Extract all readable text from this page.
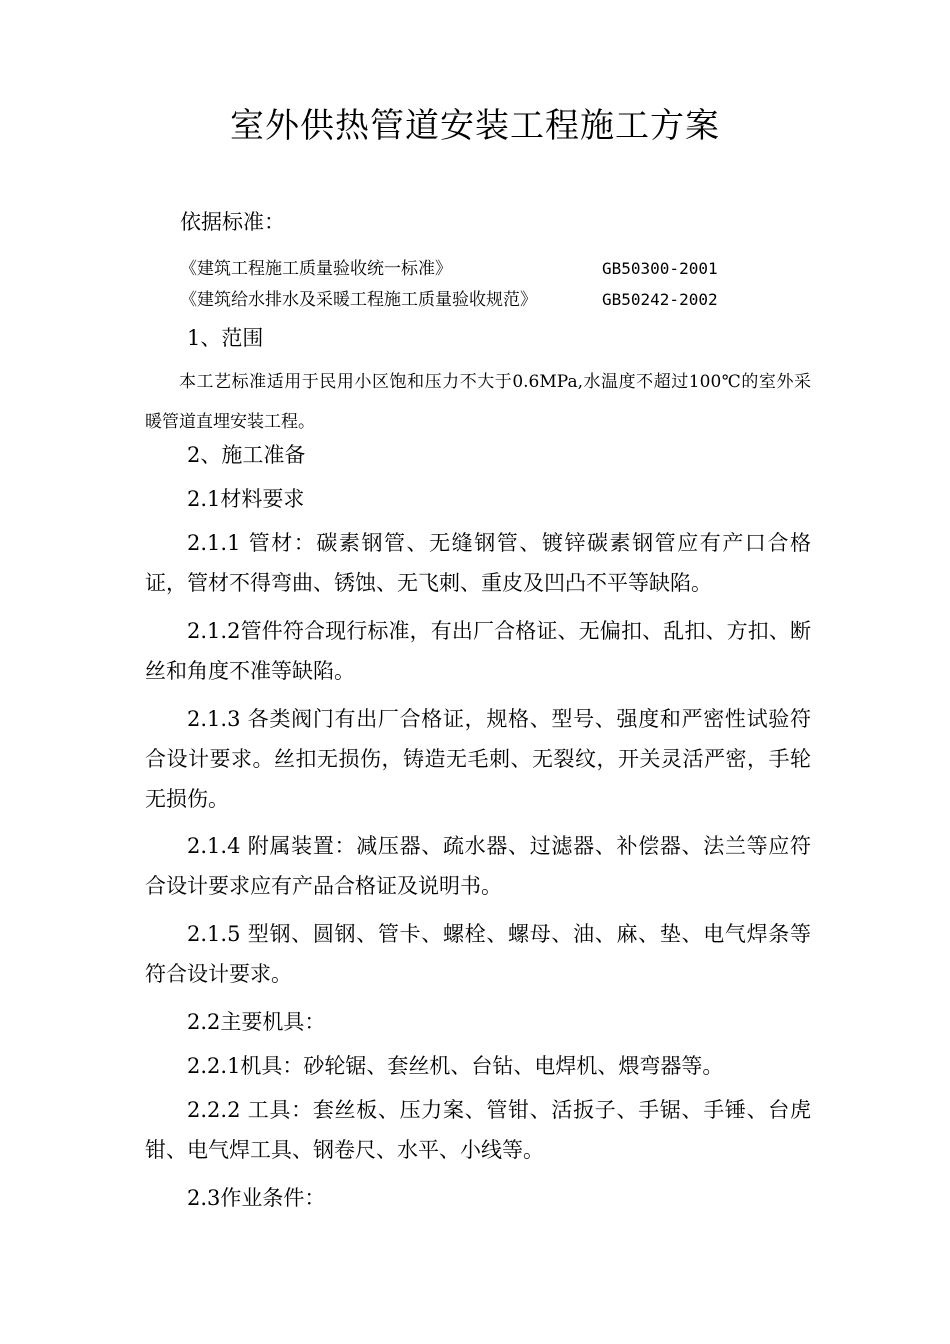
室外供热管道安装工程施工方案
依据标准：
《建筑工程施工质量验收统一标准》	GB50300-2001
《建筑给水排水及采暖工程施工质量验收规范》	GB50242-2002

1、范围

本工艺标准适用于民用小区饱和压力不大于0.6MPa,水温度不超过100℃的室外采暖管道直埋安装工程。

2、施工准备

2.1材料要求

2.1.1 管材：碳素钢管、无缝钢管、镀锌碳素钢管应有产口合格证，管材不得弯曲、锈蚀、无飞刺、重皮及凹凸不平等缺陷。

2.1.2管件符合现行标准，有出厂合格证、无偏扣、乱扣、方扣、断丝和角度不准等缺陷。

2.1.3 各类阀门有出厂合格证，规格、型号、强度和严密性试验符合设计要求。丝扣无损伤，铸造无毛刺、无裂纹，开关灵活严密，手轮无损伤。

2.1.4 附属装置：减压器、疏水器、过滤器、补偿器、法兰等应符合设计要求应有产品合格证及说明书。

2.1.5 型钢、圆钢、管卡、螺栓、螺母、油、麻、垫、电气焊条等符合设计要求。

2.2主要机具：

2.2.1机具：砂轮锯、套丝机、台钻、电焊机、煨弯器等。

2.2.2 工具：套丝板、压力案、管钳、活扳子、手锯、手锤、台虎钳、电气焊工具、钢卷尺、水平、小线等。

2.3作业条件：
